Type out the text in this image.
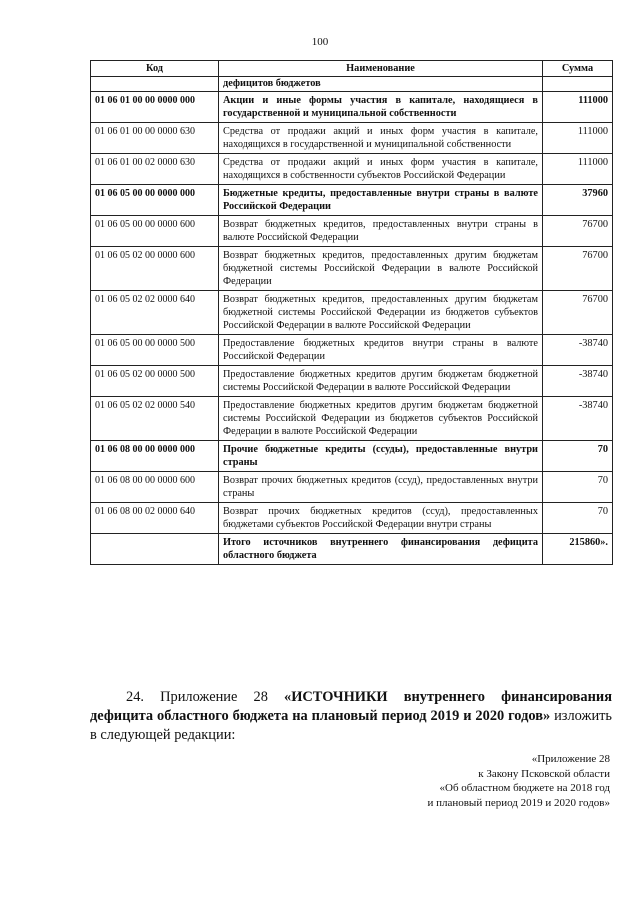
100
Код	Наименование	Сумма
	дефицитов бюджетов	
01 06 01 00 00 0000 000	Акции и иные формы участия в капитале, находящиеся в государственной и муниципальной собственности	111000
01 06 01 00 00 0000 630	Средства от продажи акций и иных форм участия в капитале, находящихся в государственной и муниципальной собственности	111000
01 06 01 00 02 0000 630	Средства от продажи акций и иных форм участия в капитале, находящихся в собственности субъектов Российской Федерации	111000
01 06 05 00 00 0000 000	Бюджетные кредиты, предоставленные внутри страны в валюте Российской Федерации	37960
01 06 05 00 00 0000 600	Возврат бюджетных кредитов, предоставленных внутри страны в валюте Российской Федерации	76700
01 06 05 02 00 0000 600	Возврат бюджетных кредитов, предоставленных другим бюджетам бюджетной системы Российской Федерации в валюте Российской Федерации	76700
01 06 05 02 02 0000 640	Возврат бюджетных кредитов, предоставленных другим бюджетам бюджетной системы Российской Федерации из бюджетов субъектов Российской Федерации в валюте Российской Федерации	76700
01 06 05 00 00 0000 500	Предоставление бюджетных кредитов внутри страны в валюте Российской Федерации	-38740
01 06 05 02 00 0000 500	Предоставление бюджетных кредитов другим бюджетам бюджетной системы Российской Федерации в валюте Российской Федерации	-38740
01 06 05 02 02 0000 540	Предоставление бюджетных кредитов другим бюджетам бюджетной системы Российской Федерации из бюджетов субъектов Российской Федерации в валюте Российской Федерации	-38740
01 06 08 00 00 0000 000	Прочие бюджетные кредиты (ссуды), предоставленные внутри страны	70
01 06 08 00 00 0000 600	Возврат прочих бюджетных кредитов (ссуд), предоставленных внутри страны	70
01 06 08 00 02 0000 640	Возврат прочих бюджетных кредитов (ссуд), предоставленных бюджетами субъектов Российской Федерации внутри страны	70
	Итого источников внутреннего финансирования дефицита областного бюджета	215860».
24. Приложение 28 «ИСТОЧНИКИ внутреннего финансирования дефицита областного бюджета на плановый период 2019 и 2020 годов» изложить в следующей редакции:
«Приложение 28
к Закону Псковской области
«Об областном бюджете на 2018 год
и плановый период 2019 и 2020 годов»
